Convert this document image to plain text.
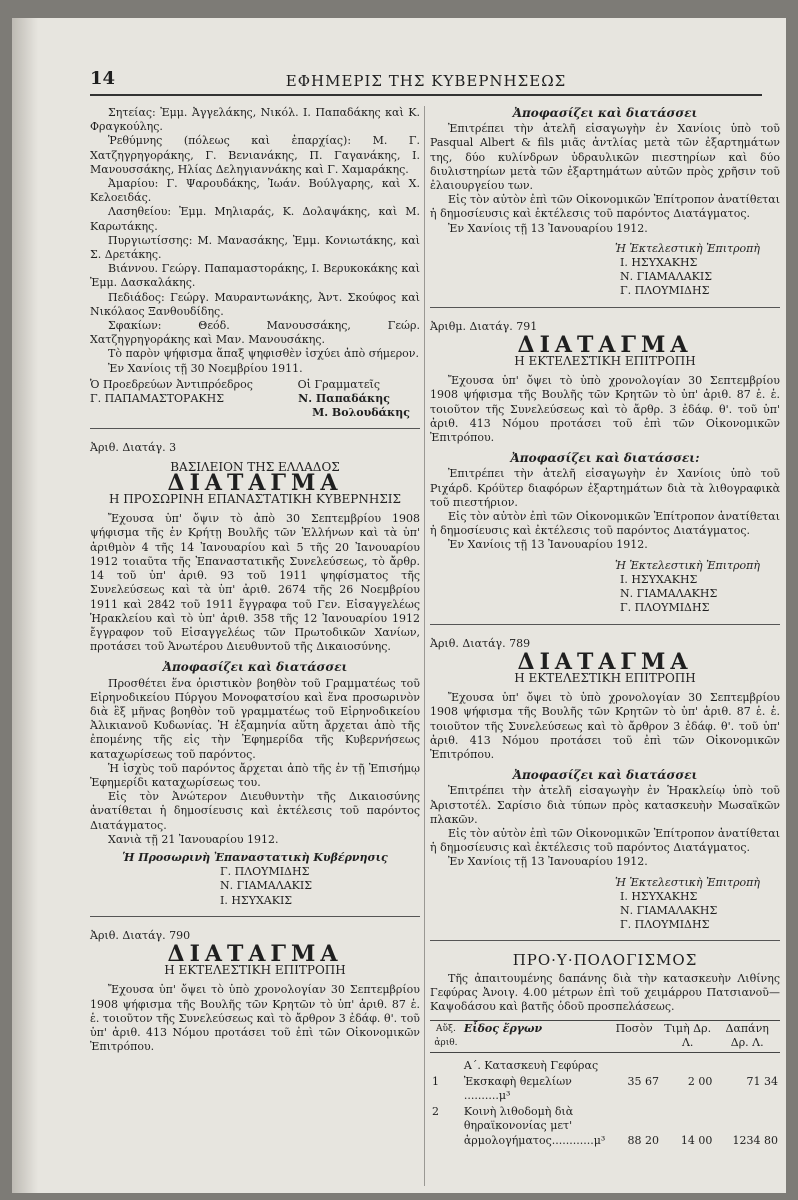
14	ΕΦΗΜΕΡΙΣ ΤΗΣ ΚΥΒΕΡΝΗΣΕΩΣ

Σητείας: Ἐμμ. Ἀγγελάκης, Νικόλ. Ι. Παπαδάκης καὶ Κ. Φραγκούλης.

Ῥεθύμνης (πόλεως καὶ ἐπαρχίας): Μ. Γ. Χατζηγρηγοράκης, Γ. Βενιανάκης, Π. Γαγανάκης, Ι. Μανουσσάκης, Ηλίας Δεληγιαννάκης καὶ Γ. Χαμαράκης.

Ἀμαρίου: Γ. Ψαρουδάκης, Ἰωάν. Βούλγαρης, καὶ Χ. Κελοειδάς.

Λασηθείου: Ἐμμ. Μηλιαράς, Κ. Δολαψάκης, καὶ Μ. Καρωτάκης.

Πυργιωτίσσης: Μ. Μανασάκης, Ἐμμ. Κονιωτάκης, καὶ Σ. Δρετάκης.

Βιάννου. Γεώργ. Παπαμαστοράκης, Ι. Βερυκοκάκης καὶ Ἐμμ. Δασκαλάκης.

Πεδιάδος: Γεώργ. Μαυραντωνάκης, Ἀντ. Σκούφος καὶ Νικόλαος Ξανθουδίδης.

Σφακίων: Θεόδ. Μανουσσάκης, Γεώρ. Χατζηγρηγοράκης καὶ Μαν. Μανουσάκης.

Τὸ παρὸν ψήφισμα ἅπαξ ψηφισθὲν ἰσχύει ἀπὸ σήμερον.

Ἐν Χανίοις τῇ 30 Νοεμβρίου 1911.

Ὁ Προεδρεύων Ἀντιπρόεδρος	Οἱ Γραμματεῖς
Γ. ΠΑΠΑΜΑΣΤΟΡΑΚΗΣ	Ν. Παπαδάκης
Μ. Βολουδάκης

Ἀριθ. Διατάγ. 3

ΒΑΣΙΛΕΙΟΝ ΤΗΣ ΕΛΛΑΔΟΣ

ΔΙΑΤΑΓΜΑ

Η ΠΡΟΣΩΡΙΝΗ ΕΠΑΝΑΣΤΑΤΙΚΗ ΚΥΒΕΡΝΗΣΙΣ

Ἔχουσα ὑπ' ὄψιν τὸ ἀπὸ 30 Σεπτεμβρίου 1908 ψήφισμα τῆς ἐν Κρήτῃ Βουλῆς τῶν Ἑλλήνων καὶ τὰ ὑπ' ἀριθμὸν 4 τῆς 14 Ἰανουαρίου καὶ 5 τῆς 20 Ἰανουαρίου 1912 τοιαῦτα τῆς Ἐπαναστατικῆς Συνελεύσεως, τὸ ἄρθρ. 14 τοῦ ὑπ' ἀριθ. 93 τοῦ 1911 ψηφίσματος τῆς Συνελεύσεως καὶ τὰ ὑπ' ἀριθ. 2674 τῆς 26 Νοεμβρίου 1911 καὶ 2842 τοῦ 1911 ἔγγραφα τοῦ Γεν. Εἰσαγγελέως Ἡρακλείου καὶ τὸ ὑπ' ἀριθ. 358 τῆς 12 Ἰανουαρίου 1912 ἔγγραφον τοῦ Εἰσαγγελέως τῶν Πρωτοδικῶν Χανίων, προτάσει τοῦ Ἀνωτέρου Διευθυντοῦ τῆς Δικαιοσύνης.

Ἀποφασίζει καὶ διατάσσει

Προσθέτει ἕνα ὁριστικὸν βοηθὸν τοῦ Γραμματέως τοῦ Εἰρηνοδικείου Πύργου Μονοφατσίου καὶ ἕνα προσωρινὸν διὰ ἓξ μῆνας βοηθὸν τοῦ γραμματέως τοῦ Εἰρηνοδικείου Ἀλικιανοῦ Κυδωνίας. Ἡ ἑξαμηνία αὕτη ἄρχεται ἀπὸ τῆς ἐπομένης τῆς εἰς τὴν Ἐφημερίδα τῆς Κυβερνήσεως καταχωρίσεως τοῦ παρόντος.

Ἡ ἰσχὺς τοῦ παρόντος ἄρχεται ἀπὸ τῆς ἐν τῇ Ἐπισήμῳ Ἐφημερίδι καταχωρίσεως του.

Εἰς τὸν Ἀνώτερον Διευθυντὴν τῆς Δικαιοσύνης ἀνατίθεται ἡ δημοσίευσις καὶ ἐκτέλεσις τοῦ παρόντος Διατάγματος.

Χανιὰ τῇ 21 Ἰανουαρίου 1912.

Ἡ Προσωρινὴ Ἐπαναστατικὴ Κυβέρνησις

Γ. ΠΛΟΥΜΙΔΗΣ

Ν. ΓΙΑΜΑΛΑΚΙΣ

Ι. ΗΣΥΧΑΚΙΣ

Ἀριθ. Διατάγ. 790

ΔΙΑΤΑΓΜΑ

Η ΕΚΤΕΛΕΣΤΙΚΗ ΕΠΙΤΡΟΠΗ

Ἔχουσα ὑπ' ὄψει τὸ ὑπὸ χρονολογίαν 30 Σεπτεμβρίου 1908 ψήφισμα τῆς Βουλῆς τῶν Κρητῶν τὸ ὑπ' ἀριθ. 87 ἑ. ἑ. τοιοῦτον τῆς Συνελεύσεως καὶ τὸ ἄρθρον 3 ἐδάφ. θ'. τοῦ ὑπ' ἀριθ. 413 Νόμου προτάσει τοῦ ἐπὶ τῶν Οἰκονομικῶν Ἐπιτρόπου.

Ἀποφασίζει καὶ διατάσσει

Ἐπιτρέπει τὴν ἀτελῆ εἰσαγωγὴν ἐν Χανίοις ὑπὸ τοῦ Pasqual Albert & fils μιᾶς ἀντλίας μετὰ τῶν ἐξαρτημάτων της, δύο κυλίνδρων ὑδραυλικῶν πιεστηρίων καὶ δύο διυλιστηρίων μετὰ τῶν ἐξαρτημάτων αὐτῶν πρὸς χρῆσιν τοῦ ἐλαιουργείου των.

Εἰς τὸν αὐτὸν ἐπὶ τῶν Οἰκονομικῶν Ἐπίτροπον ἀνατίθεται ἡ δημοσίευσις καὶ ἐκτέλεσις τοῦ παρόντος Διατάγματος.

Ἐν Χανίοις τῇ 13 Ἰανουαρίου 1912.

Ἡ Ἐκτελεστικὴ Ἐπιτροπὴ

Ι. ΗΣΥΧΑΚΗΣ

Ν. ΓΙΑΜΑΛΑΚΙΣ

Γ. ΠΛΟΥΜΙΔΗΣ

Ἀριθμ. Διατάγ. 791

ΔΙΑΤΑΓΜΑ

Η ΕΚΤΕΛΕΣΤΙΚΗ ΕΠΙΤΡΟΠΗ

Ἔχουσα ὑπ' ὄψει τὸ ὑπὸ χρονολογίαν 30 Σεπτεμβρίου 1908 ψήφισμα τῆς Βουλῆς τῶν Κρητῶν τὸ ὑπ' ἀριθ. 87 ἑ. ἑ. τοιοῦτον τῆς Συνελεύσεως καὶ τὸ ἄρθρ. 3 ἐδάφ. θ'. τοῦ ὑπ' ἀριθ. 413 Νόμου προτάσει τοῦ ἐπὶ τῶν Οἰκονομικῶν Ἐπιτρόπου.

Ἀποφασίζει καὶ διατάσσει:

Ἐπιτρέπει τὴν ἀτελῆ εἰσαγωγὴν ἐν Χανίοις ὑπὸ τοῦ Ριχάρδ. Κρόϋτερ διαφόρων ἐξαρτημάτων διὰ τὰ λιθογραφικὰ τοῦ πιεστήριον.

Εἰς τὸν αὐτὸν ἐπὶ τῶν Οἰκονομικῶν Ἐπίτροπον ἀνατίθεται ἡ δημοσίευσις καὶ ἐκτέλεσις τοῦ παρόντος Διατάγματος.

Ἐν Χανίοις τῇ 13 Ἰανουαρίου 1912.

Ἡ Ἐκτελεστικὴ Ἐπιτροπὴ

Ι. ΗΣΥΧΑΚΗΣ

Ν. ΓΙΑΜΑΛΑΚΗΣ

Γ. ΠΛΟΥΜΙΔΗΣ

Ἀριθ. Διατάγ. 789

ΔΙΑΤΑΓΜΑ

Η ΕΚΤΕΛΕΣΤΙΚΗ ΕΠΙΤΡΟΠΗ

Ἔχουσα ὑπ' ὄψει τὸ ὑπὸ χρονολογίαν 30 Σεπτεμβρίου 1908 ψήφισμα τῆς Βουλῆς τῶν Κρητῶν τὸ ὑπ' ἀριθ. 87 ἑ. ἑ. τοιοῦτον τῆς Συνελεύσεως καὶ τὸ ἄρθρον 3 ἐδάφ. θ'. τοῦ ὑπ' ἀριθ. 413 Νόμου προτάσει τοῦ ἐπὶ τῶν Οἰκονομικῶν Ἐπιτρόπου.

Ἀποφασίζει καὶ διατάσσει

Ἐπιτρέπει τὴν ἀτελῆ εἰσαγωγὴν ἐν Ἡρακλείῳ ὑπὸ τοῦ Ἀριστοτέλ. Σαρίσιο διὰ τύπων πρὸς κατασκευὴν Μωσαϊκῶν πλακῶν.

Εἰς τὸν αὐτὸν ἐπὶ τῶν Οἰκονομικῶν Ἐπίτροπον ἀνατίθεται ἡ δημοσίευσις καὶ ἐκτέλεσις τοῦ παρόντος Διατάγματος.

Ἐν Χανίοις τῇ 13 Ἰανουαρίου 1912.

Ἡ Ἐκτελεστικὴ Ἐπιτροπὴ

Ι. ΗΣΥΧΑΚΗΣ

Ν. ΓΙΑΜΑΛΑΚΗΣ

Γ. ΠΛΟΥΜΙΔΗΣ

ΠΡΟ·Υ·ΠΟΛΟΓΙΣΜΟΣ

Τῆς ἀπαιτουμένης δαπάνης διὰ τὴν κατασκευὴν Λιθίνης Γεφύρας Ἀνοιγ. 4.00 μέτρων ἐπὶ τοῦ χειμάρρου Πατσιανοῦ—Καψοδάσου καὶ βατῆς ὁδοῦ προσπελάσεως.

Αὔξ. ἀριθ.	Εἶδος ἔργων	Ποσὸν	Τιμὴ Δρ. Λ.	Δαπάνη Δρ. Λ.
	Α΄. Κατασκευὴ Γεφύρας			
1	Ἐκσκαφὴ θεμελίων ..........μ³	35 67	2 00	71 34
2	Κοινὴ λιθοδομὴ διὰ θηραϊκονονίας μετ' ἁρμολογήματος............μ³	88 20	14 00	1234 80
